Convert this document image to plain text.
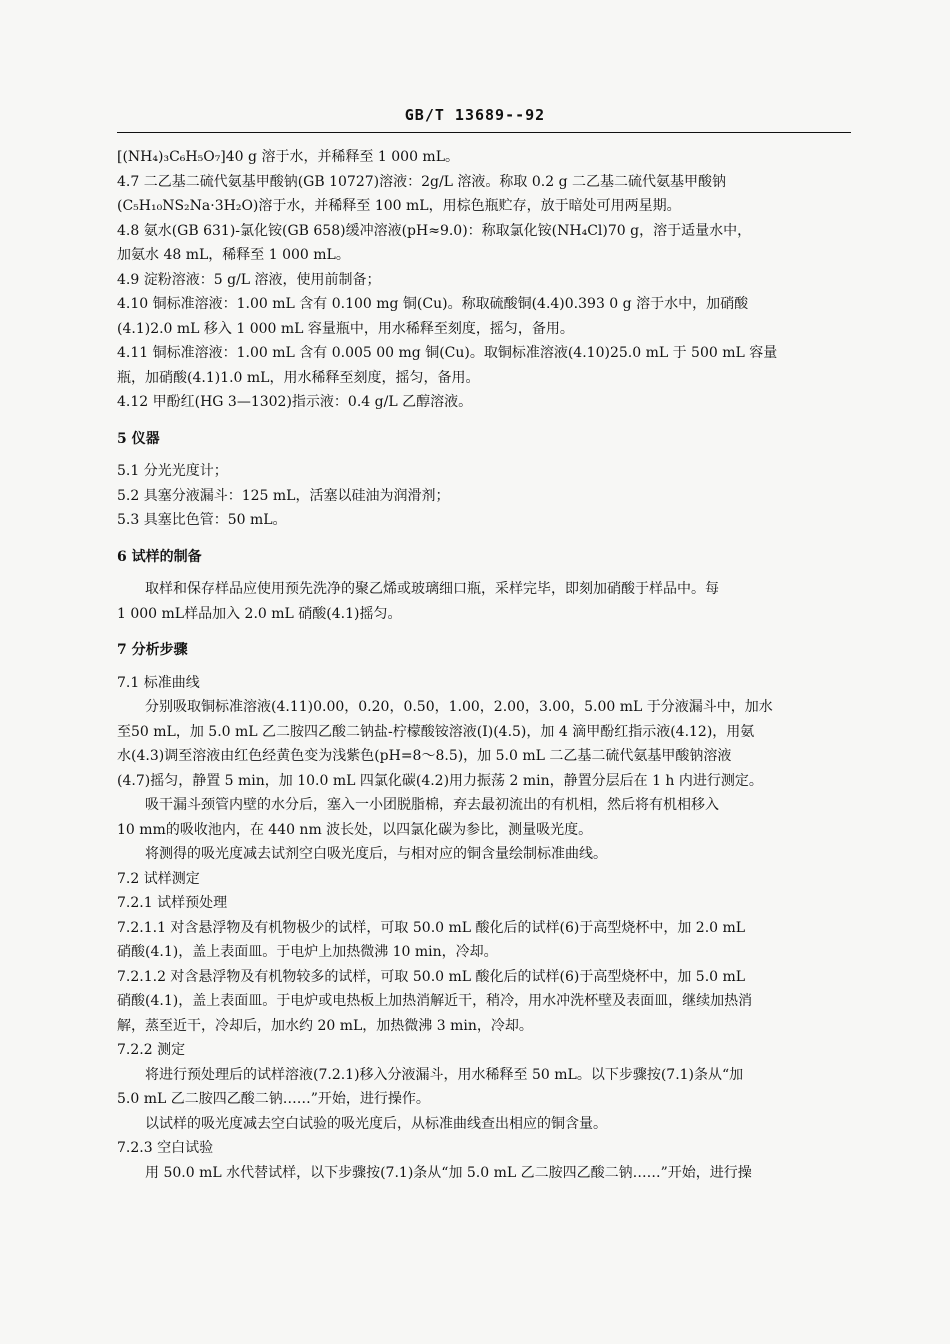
GB/T 13689--92

[(NH₄)₃C₆H₅O₇]40 g 溶于水，并稀释至 1 000 mL。

4.7 二乙基二硫代氨基甲酸钠(GB 10727)溶液：2g/L 溶液。称取 0.2 g 二乙基二硫代氨基甲酸钠

(C₅H₁₀NS₂Na·3H₂O)溶于水，并稀释至 100 mL，用棕色瓶贮存，放于暗处可用两星期。

4.8 氨水(GB 631)-氯化铵(GB 658)缓冲溶液(pH≈9.0)：称取氯化铵(NH₄Cl)70 g，溶于适量水中，

加氨水 48 mL，稀释至 1 000 mL。

4.9 淀粉溶液：5 g/L 溶液，使用前制备；

4.10 铜标准溶液：1.00 mL 含有 0.100 mg 铜(Cu)。称取硫酸铜(4.4)0.393 0 g 溶于水中，加硝酸

(4.1)2.0 mL 移入 1 000 mL 容量瓶中，用水稀释至刻度，摇匀，备用。

4.11 铜标准溶液：1.00 mL 含有 0.005 00 mg 铜(Cu)。取铜标准溶液(4.10)25.0 mL 于 500 mL 容量

瓶，加硝酸(4.1)1.0 mL，用水稀释至刻度，摇匀，备用。

4.12 甲酚红(HG 3—1302)指示液：0.4 g/L 乙醇溶液。

5 仪器

5.1 分光光度计；

5.2 具塞分液漏斗：125 mL，活塞以硅油为润滑剂；

5.3 具塞比色管：50 mL。

6 试样的制备

取样和保存样品应使用预先洗净的聚乙烯或玻璃细口瓶，采样完毕，即刻加硝酸于样品中。每

1 000 mL样品加入 2.0 mL 硝酸(4.1)摇匀。

7 分析步骤

7.1 标准曲线

分别吸取铜标准溶液(4.11)0.00，0.20，0.50，1.00，2.00，3.00，5.00 mL 于分液漏斗中，加水

至50 mL，加 5.0 mL 乙二胺四乙酸二钠盐-柠檬酸铵溶液(Ⅰ)(4.5)，加 4 滴甲酚红指示液(4.12)，用氨

水(4.3)调至溶液由红色经黄色变为浅紫色(pH=8～8.5)，加 5.0 mL 二乙基二硫代氨基甲酸钠溶液

(4.7)摇匀，静置 5 min，加 10.0 mL 四氯化碳(4.2)用力振荡 2 min，静置分层后在 1 h 内进行测定。

吸干漏斗颈管内壁的水分后，塞入一小团脱脂棉，弃去最初流出的有机相，然后将有机相移入

10 mm的吸收池内，在 440 nm 波长处，以四氯化碳为参比，测量吸光度。

将测得的吸光度减去试剂空白吸光度后，与相对应的铜含量绘制标准曲线。

7.2 试样测定

7.2.1 试样预处理

7.2.1.1 对含悬浮物及有机物极少的试样，可取 50.0 mL 酸化后的试样(6)于高型烧杯中，加 2.0 mL

硝酸(4.1)，盖上表面皿。于电炉上加热微沸 10 min，冷却。

7.2.1.2 对含悬浮物及有机物较多的试样，可取 50.0 mL 酸化后的试样(6)于高型烧杯中，加 5.0 mL

硝酸(4.1)，盖上表面皿。于电炉或电热板上加热消解近干，稍冷，用水冲洗杯壁及表面皿，继续加热消

解，蒸至近干，冷却后，加水约 20 mL，加热微沸 3 min，冷却。

7.2.2 测定

将进行预处理后的试样溶液(7.2.1)移入分液漏斗，用水稀释至 50 mL。以下步骤按(7.1)条从“加

5.0 mL 乙二胺四乙酸二钠……”开始，进行操作。

以试样的吸光度减去空白试验的吸光度后，从标准曲线查出相应的铜含量。

7.2.3 空白试验

用 50.0 mL 水代替试样，以下步骤按(7.1)条从“加 5.0 mL 乙二胺四乙酸二钠……”开始，进行操
